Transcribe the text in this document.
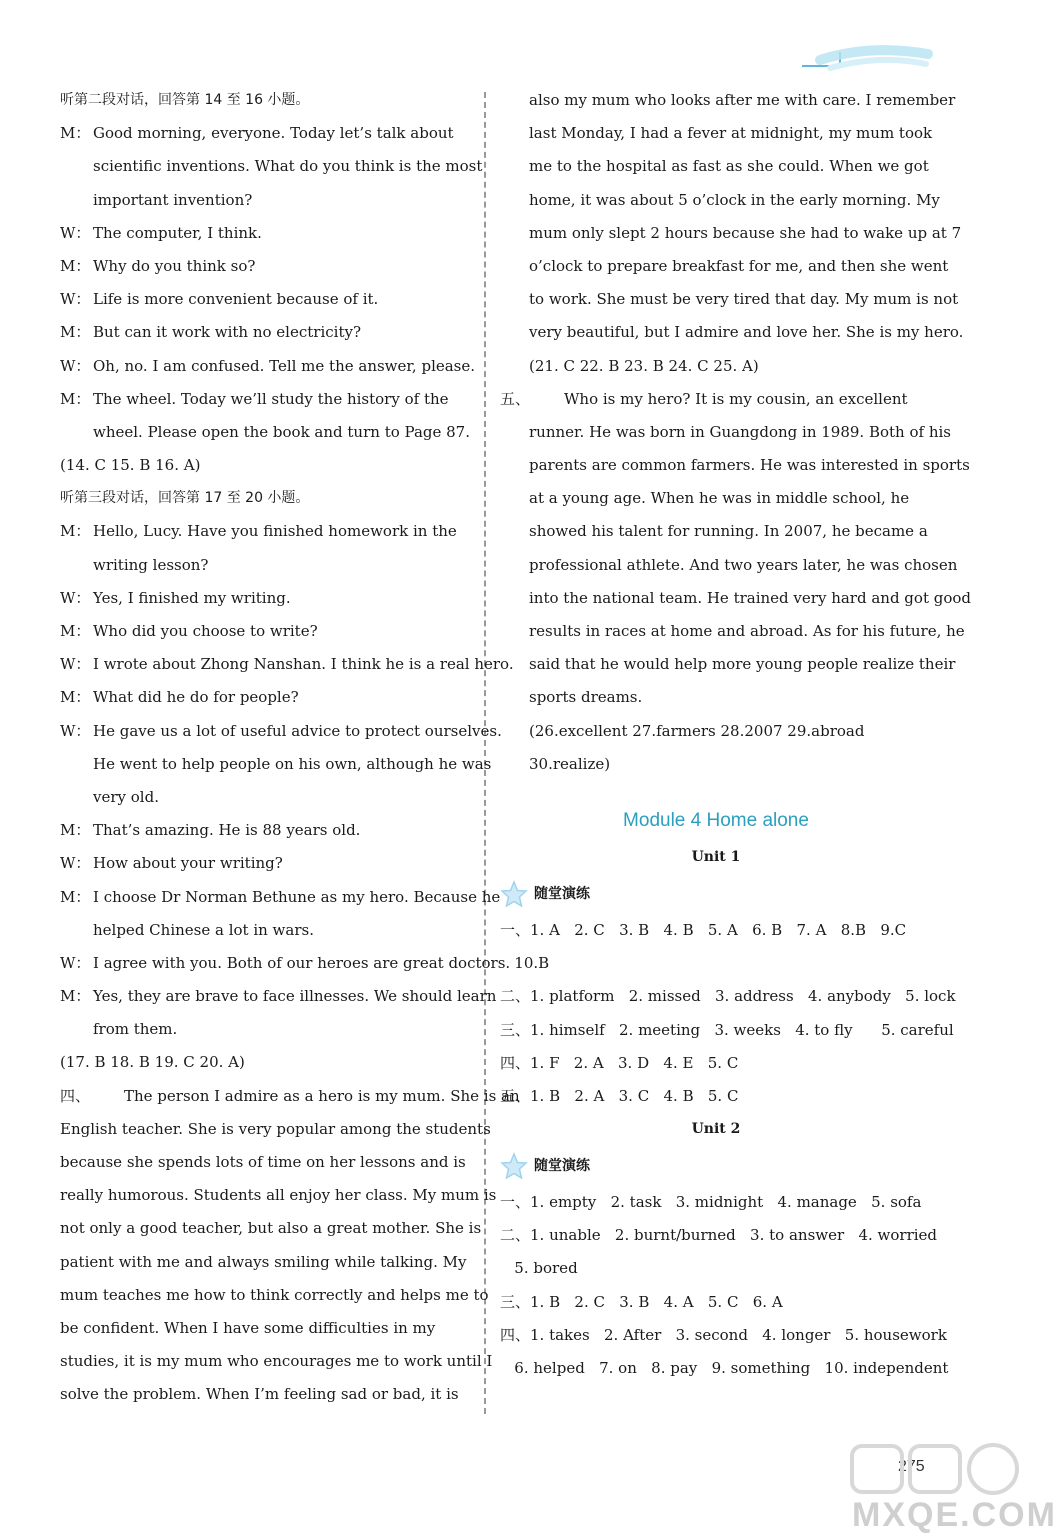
听第二段对话，回答第 14 至 16 小题。
M： Good morning, everyone. Today let’s talk about
scientific inventions. What do you think is the most
important invention?
W： The computer, I think.
M： Why do you think so?
W： Life is more convenient because of it.
M： But can it work with no electricity?
W： Oh, no. I am confused. Tell me the answer, please.
M： The wheel. Today we’ll study the history of the
wheel. Please open the book and turn to Page 87.
(14. C 15. B 16. A)
听第三段对话，回答第 17 至 20 小题。
M： Hello, Lucy. Have you finished homework in the
writing lesson?
W： Yes, I finished my writing.
M： Who did you choose to write?
W： I wrote about Zhong Nanshan. I think he is a real hero.
M： What did he do for people?
W： He gave us a lot of useful advice to protect ourselves.
He went to help people on his own, although he was
very old.
M： That’s amazing. He is 88 years old.
W： How about your writing?
M： I choose Dr Norman Bethune as my hero. Because he
helped Chinese a lot in wars.
W： I agree with you. Both of our heroes are great doctors.
M： Yes, they are brave to face illnesses. We should learn
from them.
(17. B 18. B 19. C 20. A)
四、 The person I admire as a hero is my mum. She is an
English teacher. She is very popular among the students
because she spends lots of time on her lessons and is
really humorous. Students all enjoy her class. My mum is
not only a good teacher, but also a great mother. She is
patient with me and always smiling while talking. My
mum teaches me how to think correctly and helps me to
be confident. When I have some difficulties in my
studies, it is my mum who encourages me to work until I
solve the problem. When I’m feeling sad or bad, it is
also my mum who looks after me with care. I remember
last Monday, I had a fever at midnight, my mum took
me to the hospital as fast as she could. When we got
home, it was about 5 o’clock in the early morning. My
mum only slept 2 hours because she had to wake up at 7
o’clock to prepare breakfast for me, and then she went
to work. She must be very tired that day. My mum is not
very beautiful, but I admire and love her. She is my hero.
(21. C 22. B 23. B 24. C 25. A)
五、 Who is my hero? It is my cousin, an excellent
runner. He was born in Guangdong in 1989. Both of his
parents are common farmers. He was interested in sports
at a young age. When he was in middle school, he
showed his talent for running. In 2007, he became a
professional athlete. And two years later, he was chosen
into the national team. He trained very hard and got good
results in races at home and abroad. As for his future, he
said that he would help more young people realize their
sports dreams.
(26.excellent 27.farmers 28.2007 29.abroad
30.realize)
Module 4 Home alone
Unit 1
随堂演练
一、1. A   2. C   3. B   4. B   5. A   6. B   7. A   8.B   9.C
10.B
二、1. platform   2. missed   3. address   4. anybody   5. lock
三、1. himself   2. meeting   3. weeks   4. to fly      5. careful
四、1. F   2. A   3. D   4. E   5. C
五、1. B   2. A   3. C   4. B   5. C
Unit 2
随堂演练
一、1. empty   2. task   3. midnight   4. manage   5. sofa
二、1. unable   2. burnt/burned   3. to answer   4. worried
5. bored
三、1. B   2. C   3. B   4. A   5. C   6. A
四、1. takes   2. After   3. second   4. longer   5. housework
6. helped   7. on   8. pay   9. something   10. independent
275
MXQE.COM
